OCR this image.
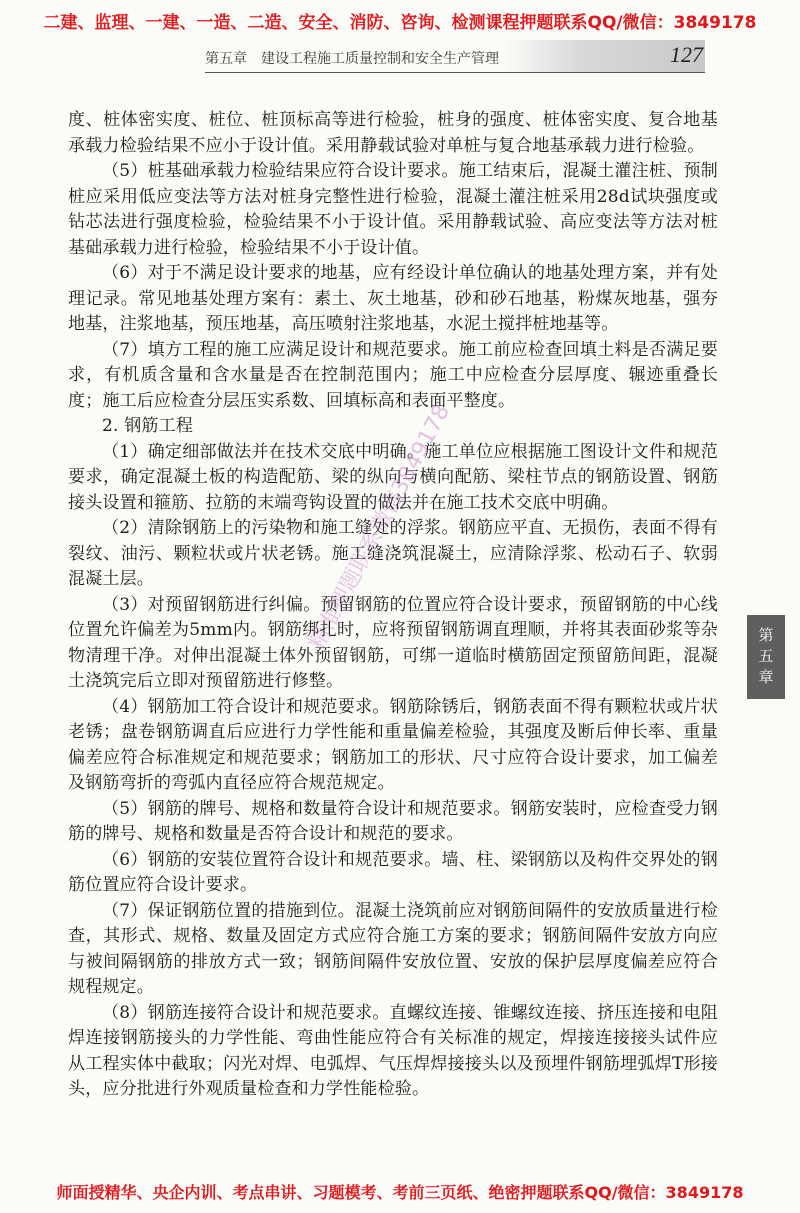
二建、监理、一建、一造、二造、安全、消防、咨询、检测课程押题联系QQ/微信：3849178
第五章　建设工程施工质量控制和安全生产管理	127

度、桩体密实度、桩位、桩顶标高等进行检验，桩身的强度、桩体密实度、复合地基承载力检验结果不应小于设计值。采用静载试验对单桩与复合地基承载力进行检验。

（5）桩基础承载力检验结果应符合设计要求。施工结束后，混凝土灌注桩、预制桩应采用低应变法等方法对桩身完整性进行检验，混凝土灌注桩采用28d试块强度或钻芯法进行强度检验，检验结果不小于设计值。采用静载试验、高应变法等方法对桩基础承载力进行检验，检验结果不小于设计值。

（6）对于不满足设计要求的地基，应有经设计单位确认的地基处理方案，并有处理记录。常见地基处理方案有：素土、灰土地基，砂和砂石地基，粉煤灰地基，强夯地基，注浆地基，预压地基，高压喷射注浆地基，水泥土搅拌桩地基等。

（7）填方工程的施工应满足设计和规范要求。施工前应检查回填土料是否满足要求，有机质含量和含水量是否在控制范围内；施工中应检查分层厚度、辗迹重叠长度；施工后应检查分层压实系数、回填标高和表面平整度。

2. 钢筋工程

（1）确定细部做法并在技术交底中明确。施工单位应根据施工图设计文件和规范要求，确定混凝土板的构造配筋、梁的纵向与横向配筋、梁柱节点的钢筋设置、钢筋接头设置和箍筋、拉筋的末端弯钩设置的做法并在施工技术交底中明确。

（2）清除钢筋上的污染物和施工缝处的浮浆。钢筋应平直、无损伤，表面不得有裂纹、油污、颗粒状或片状老锈。施工缝浇筑混凝土，应清除浮浆、松动石子、软弱混凝土层。

（3）对预留钢筋进行纠偏。预留钢筋的位置应符合设计要求，预留钢筋的中心线位置允许偏差为5mm内。钢筋绑扎时，应将预留钢筋调直理顺，并将其表面砂浆等杂物清理干净。对伸出混凝土体外预留钢筋，可绑一道临时横筋固定预留筋间距，混凝土浇筑完后立即对预留筋进行修整。

（4）钢筋加工符合设计和规范要求。钢筋除锈后，钢筋表面不得有颗粒状或片状老锈；盘卷钢筋调直后应进行力学性能和重量偏差检验，其强度及断后伸长率、重量偏差应符合标准规定和规范要求；钢筋加工的形状、尺寸应符合设计要求，加工偏差及钢筋弯折的弯弧内直径应符合规范规定。

（5）钢筋的牌号、规格和数量符合设计和规范要求。钢筋安装时，应检查受力钢筋的牌号、规格和数量是否符合设计和规范的要求。

（6）钢筋的安装位置符合设计和规范要求。墙、柱、梁钢筋以及构件交界处的钢筋位置应符合设计要求。

（7）保证钢筋位置的措施到位。混凝土浇筑前应对钢筋间隔件的安放质量进行检查，其形式、规格、数量及固定方式应符合施工方案的要求；钢筋间隔件安放方向应与被间隔钢筋的排放方式一致；钢筋间隔件安放位置、安放的保护层厚度偏差应符合规程规定。

（8）钢筋连接符合设计和规范要求。直螺纹连接、锥螺纹连接、挤压连接和电阻焊连接钢筋接头的力学性能、弯曲性能应符合有关标准的规定，焊接连接接头试件应从工程实体中截取；闪光对焊、电弧焊、气压焊焊接接头以及预埋件钢筋埋弧焊T形接头，应分批进行外观质量检查和力学性能检验。

精准押题联系微信3849178	第五章
师面授精华、央企内训、考点串讲、习题模考、考前三页纸、绝密押题联系QQ/微信：3849178
